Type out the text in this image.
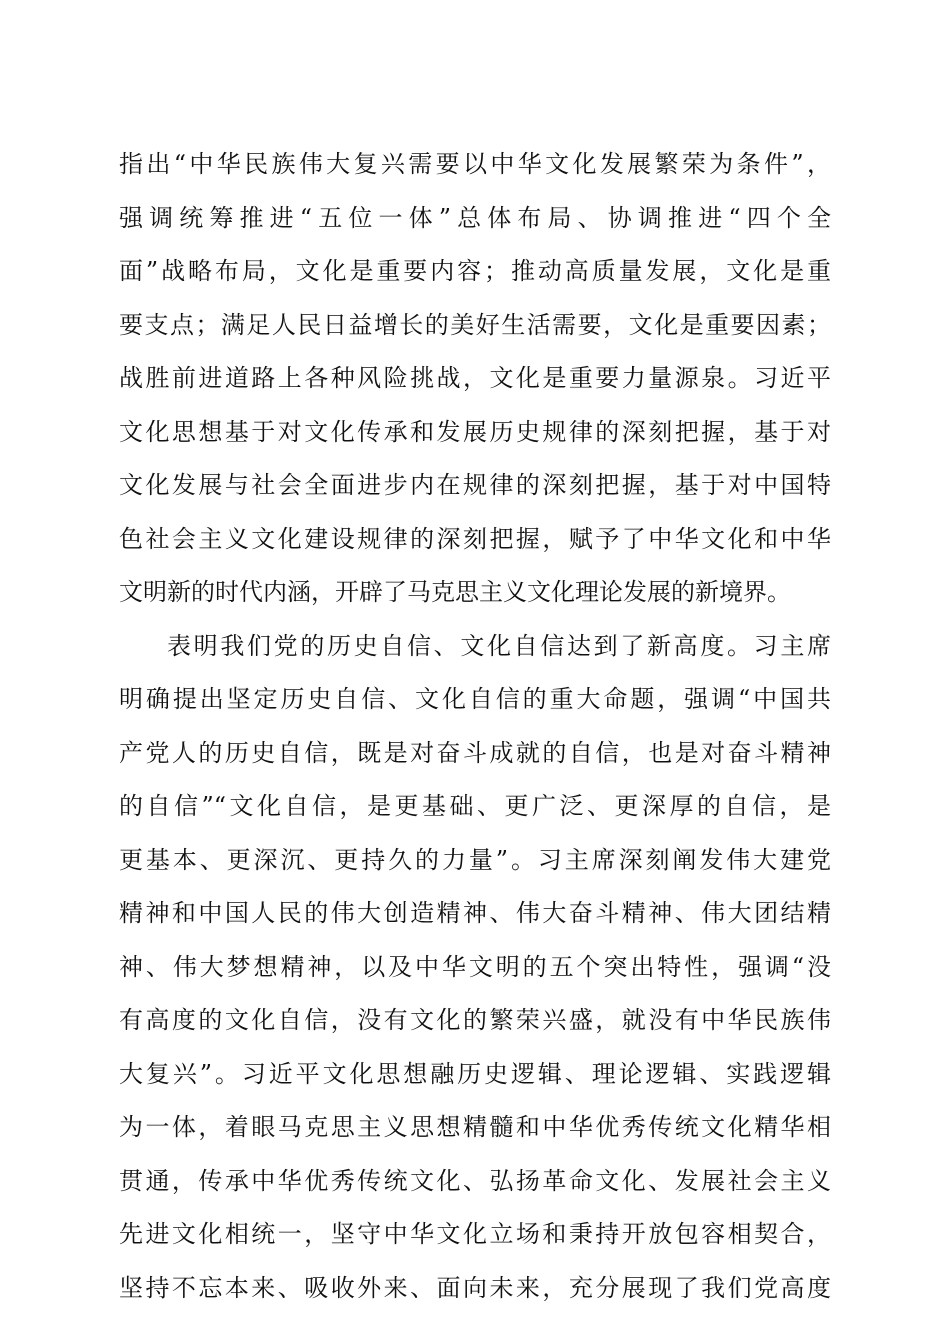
指出“中华民族伟大复兴需要以中华文化发展繁荣为条件”，
强调统筹推进“五位一体”总体布局、协调推进“四个全
面”战略布局，文化是重要内容；推动高质量发展，文化是重
要支点；满足人民日益增长的美好生活需要，文化是重要因素；
战胜前进道路上各种风险挑战，文化是重要力量源泉。习近平
文化思想基于对文化传承和发展历史规律的深刻把握，基于对
文化发展与社会全面进步内在规律的深刻把握，基于对中国特
色社会主义文化建设规律的深刻把握，赋予了中华文化和中华
文明新的时代内涵，开辟了马克思主义文化理论发展的新境界。
表明我们党的历史自信、文化自信达到了新高度。习主席
明确提出坚定历史自信、文化自信的重大命题，强调“中国共
产党人的历史自信，既是对奋斗成就的自信，也是对奋斗精神
的自信”“文化自信，是更基础、更广泛、更深厚的自信，是
更基本、更深沉、更持久的力量”。习主席深刻阐发伟大建党
精神和中国人民的伟大创造精神、伟大奋斗精神、伟大团结精
神、伟大梦想精神，以及中华文明的五个突出特性，强调“没
有高度的文化自信，没有文化的繁荣兴盛，就没有中华民族伟
大复兴”。习近平文化思想融历史逻辑、理论逻辑、实践逻辑
为一体，着眼马克思主义思想精髓和中华优秀传统文化精华相
贯通，传承中华优秀传统文化、弘扬革命文化、发展社会主义
先进文化相统一，坚守中华文化立场和秉持开放包容相契合，
坚持不忘本来、吸收外来、面向未来，充分展现了我们党高度
